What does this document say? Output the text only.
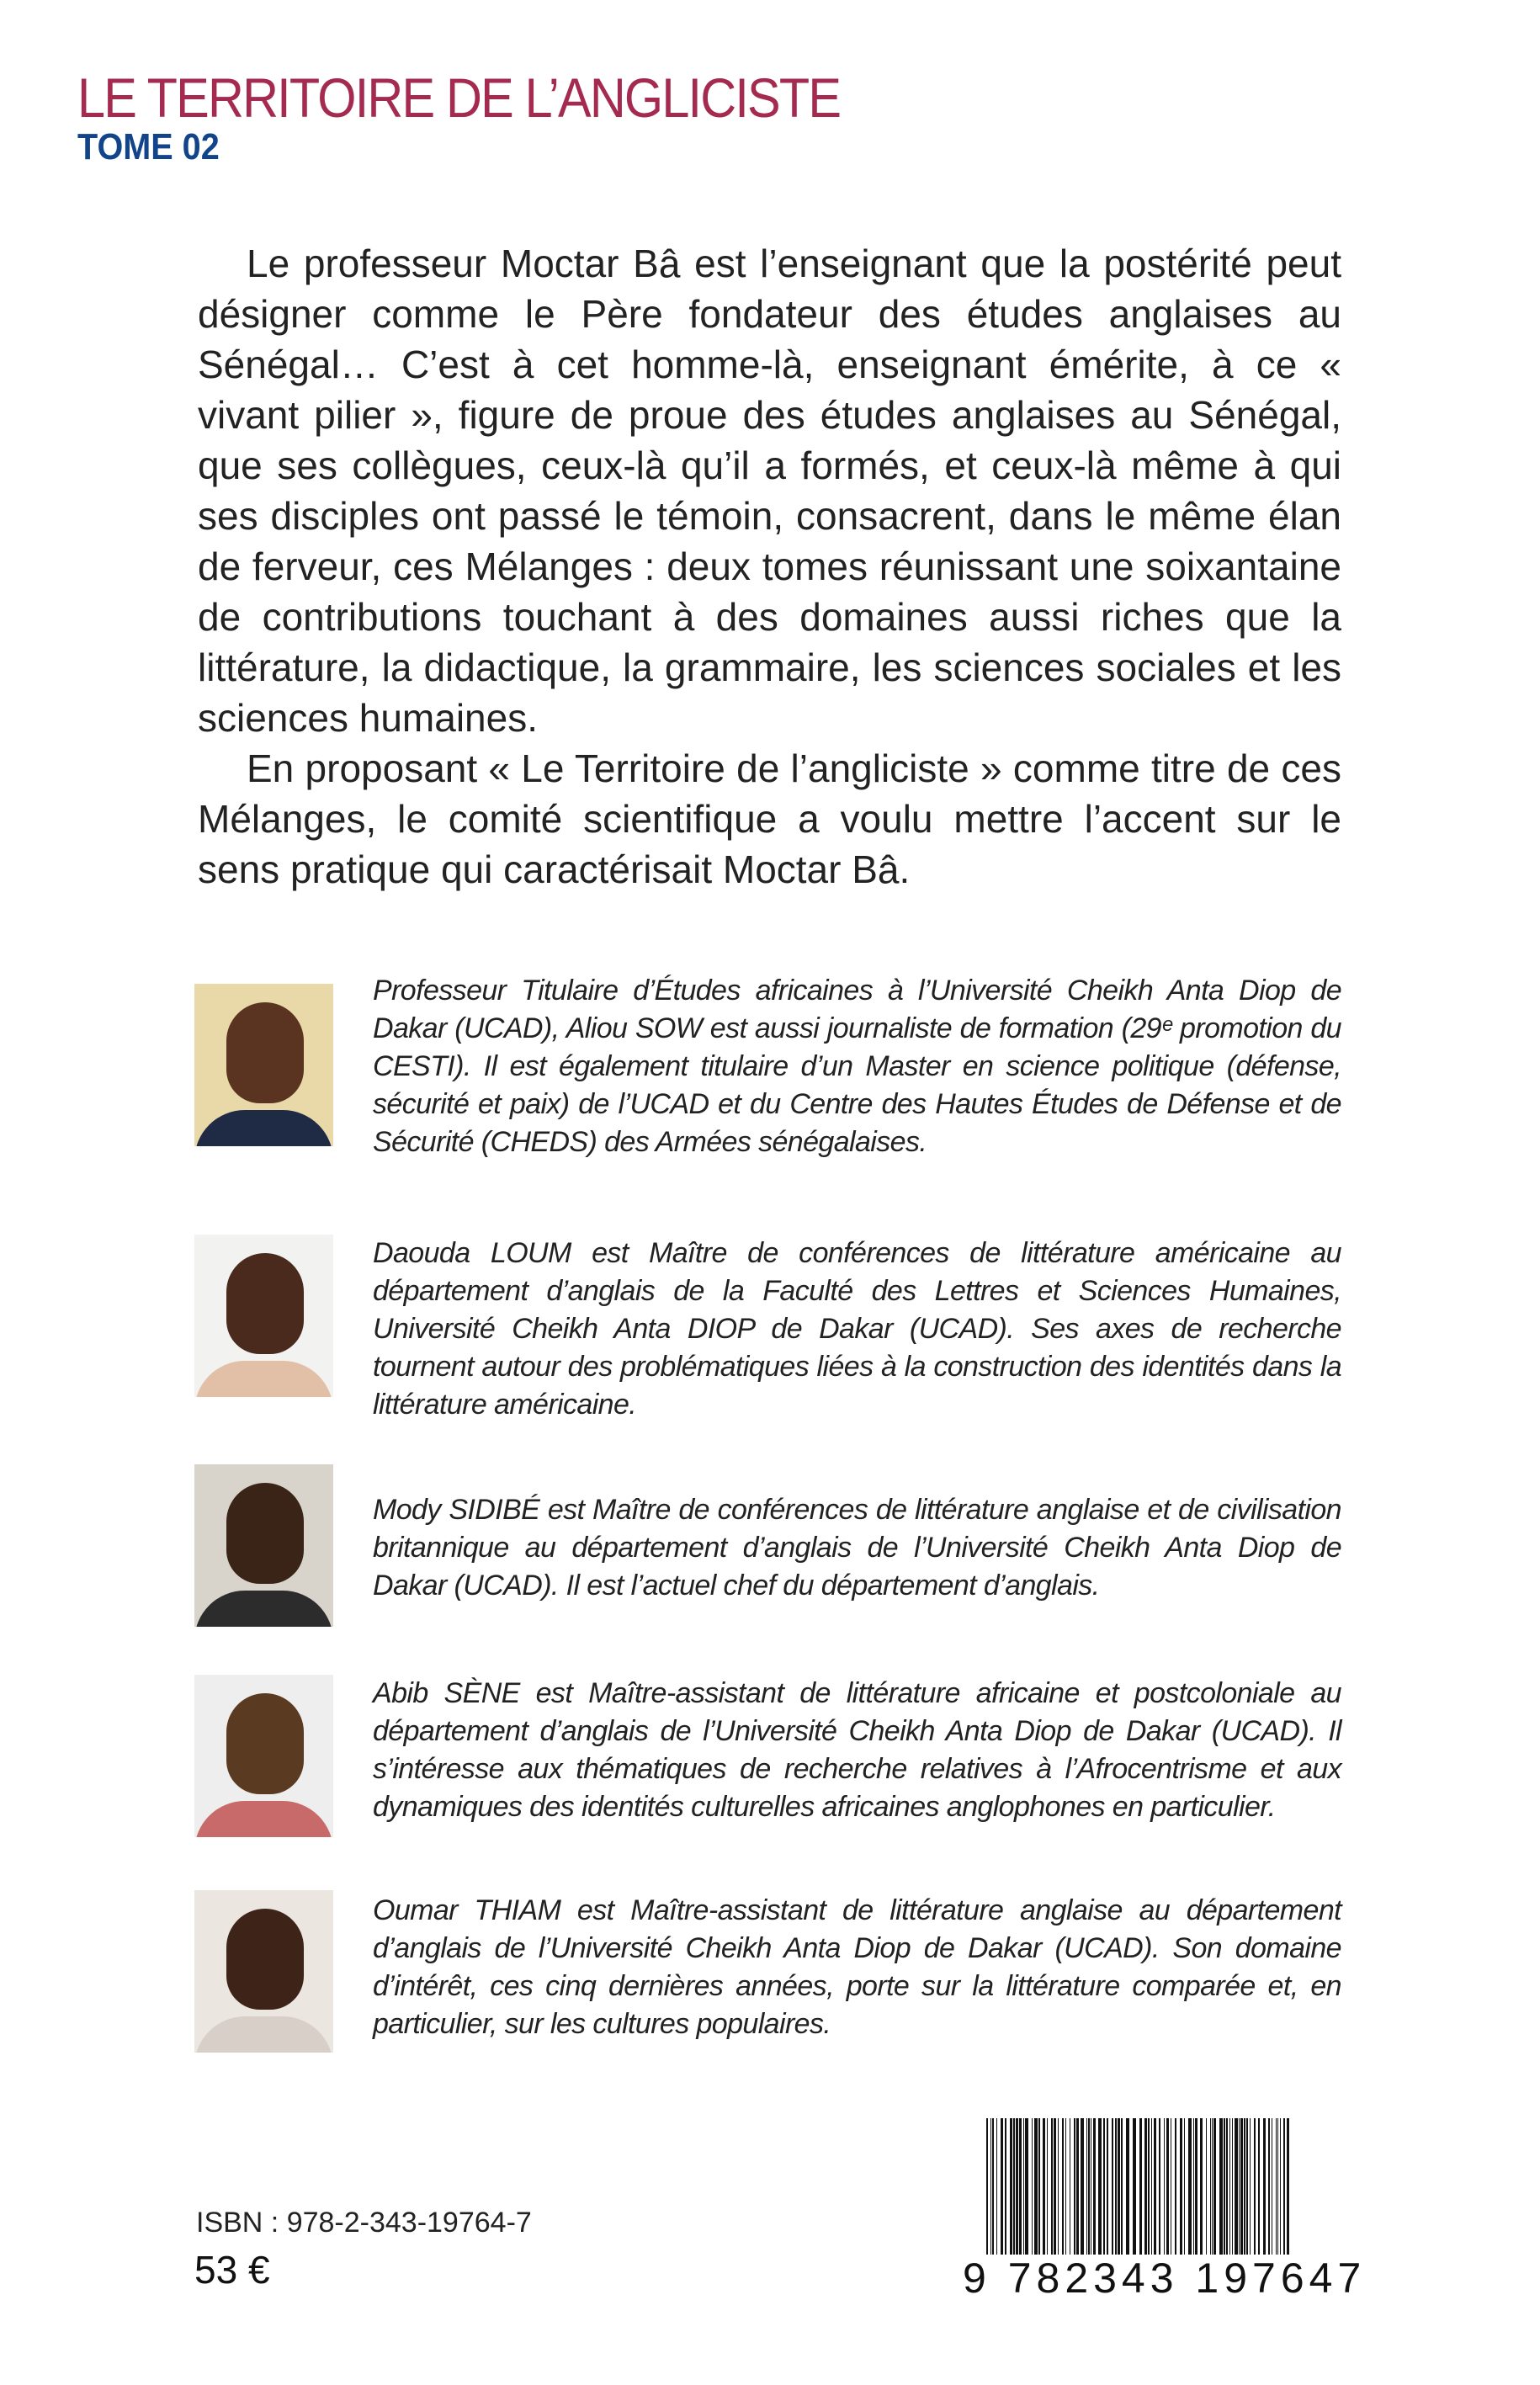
LE TERRITOIRE DE L’ANGLICISTE
TOME 02

Le professeur Moctar Bâ est l’enseignant que la postérité peut désigner comme le Père fondateur des études anglaises au Sénégal… C’est à cet homme-là, enseignant émérite, à ce « vivant pilier », figure de proue des études anglaises au Sénégal, que ses collègues, ceux-là qu’il a formés, et ceux-là même à qui ses disciples ont passé le témoin, consacrent, dans le même élan de ferveur, ces Mélanges : deux tomes réunissant une soixantaine de contributions touchant à des domaines aussi riches que la littérature, la didactique, la grammaire, les sciences sociales et les sciences humaines.

En proposant « Le Territoire de l’angliciste » comme titre de ces Mélanges, le comité scientifique a voulu mettre l’accent sur le sens pratique qui caractérisait Moctar Bâ.

Professeur Titulaire d’Études africaines à l’Université Cheikh Anta Diop de Dakar (UCAD), Aliou SOW est aussi journaliste de formation (29ᵉ promotion du CESTI). Il est également titulaire d’un Master en science politique (défense, sécurité et paix) de l’UCAD et du Centre des Hautes Études de Défense et de Sécurité (CHEDS) des Armées sénégalaises.
Daouda LOUM est Maître de conférences de littérature américaine au département d’anglais de la Faculté des Lettres et Sciences Humaines, Université Cheikh Anta DIOP de Dakar (UCAD). Ses axes de recherche tournent autour des problématiques liées à la construction des identités dans la littérature américaine.
Mody SIDIBÉ est Maître de conférences de littérature anglaise et de civilisation britannique au département d’anglais de l’Université Cheikh Anta Diop de Dakar (UCAD). Il est l’actuel chef du département d’anglais.
Abib SÈNE est Maître-assistant de littérature africaine et postcoloniale au département d’anglais de l’Université Cheikh Anta Diop de Dakar (UCAD). Il s’intéresse aux thématiques de recherche relatives à l’Afrocentrisme et aux dynamiques des identités culturelles africaines anglophones en particulier.
Oumar THIAM est Maître-assistant de littérature anglaise au département d’anglais de l’Université Cheikh Anta Diop de Dakar (UCAD). Son domaine d’intérêt, ces cinq dernières années, porte sur la littérature comparée et, en particulier, sur les cultures populaires.
ISBN : 978-2-343-19764-7
53 €	9 782343 197647
